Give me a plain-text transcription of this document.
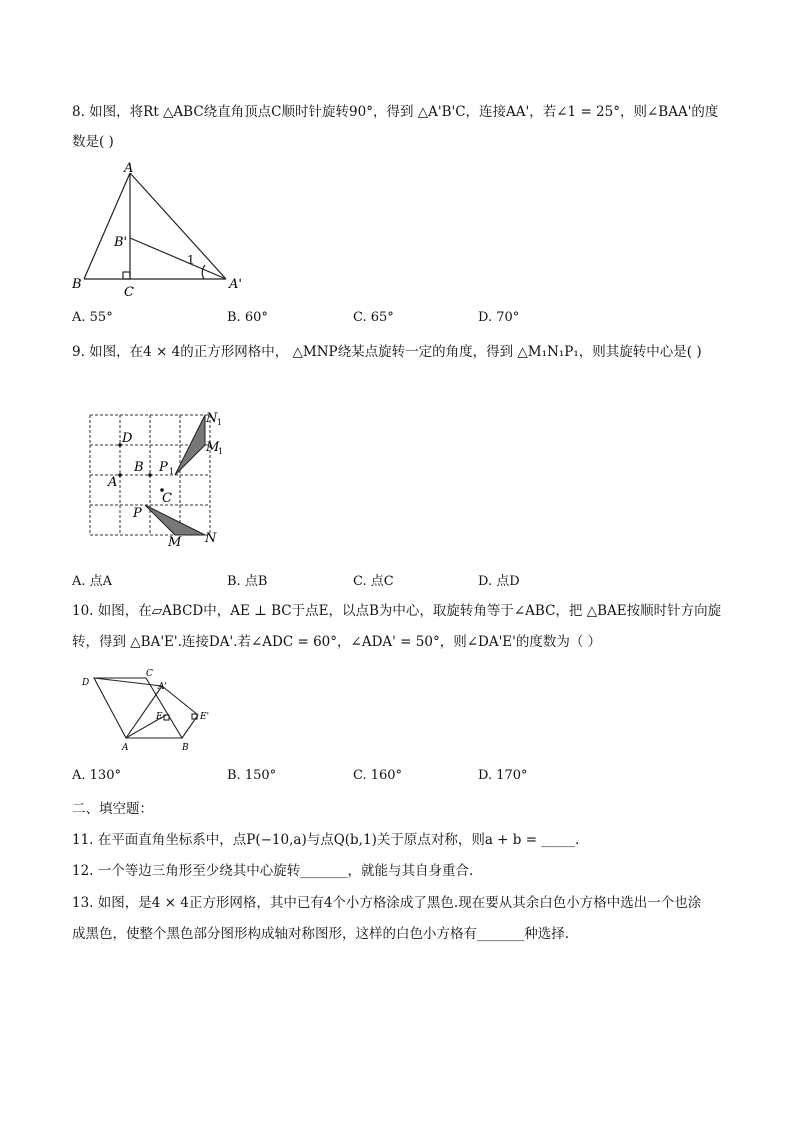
8. 如图，将Rt △ABC绕直角顶点C顺时针旋转90°，得到 △A'B'C，连接AA'，若∠1 = 25°，则∠BAA'的度
数是( )
A
B'
B
C
A'
1
A. 55°	B. 60°	C. 65°	D. 70°
9. 如图，在4 × 4的正方形网格中， △MNP绕某点旋转一定的角度，得到 △M₁N₁P₁，则其旋转中心是( )
D
B P 1
A
C
P
M N
N 1
M
1
A. 点A	B. 点B	C. 点C	D. 点D
10. 如图，在▱ABCD中，AE ⊥ BC于点E，以点B为中心，取旋转角等于∠ABC，把 △BAE按顺时针方向旋
转，得到 △BA'E'.连接DA'.若∠ADC = 60°，∠ADA' = 50°，则∠DA'E'的度数为（ ）
D
C
A'
E	E'
A	B
A. 130°	B. 150°	C. 160°	D. 170°
二、填空题：
11. 在平面直角坐标系中，点P(−10,a)与点Q(b,1)关于原点对称，则a + b = _____.
12. 一个等边三角形至少绕其中心旋转_______，就能与其自身重合.
13. 如图，是4 × 4正方形网格，其中已有4个小方格涂成了黑色.现在要从其余白色小方格中选出一个也涂
成黑色，使整个黑色部分图形构成轴对称图形，这样的白色小方格有_______种选择.
